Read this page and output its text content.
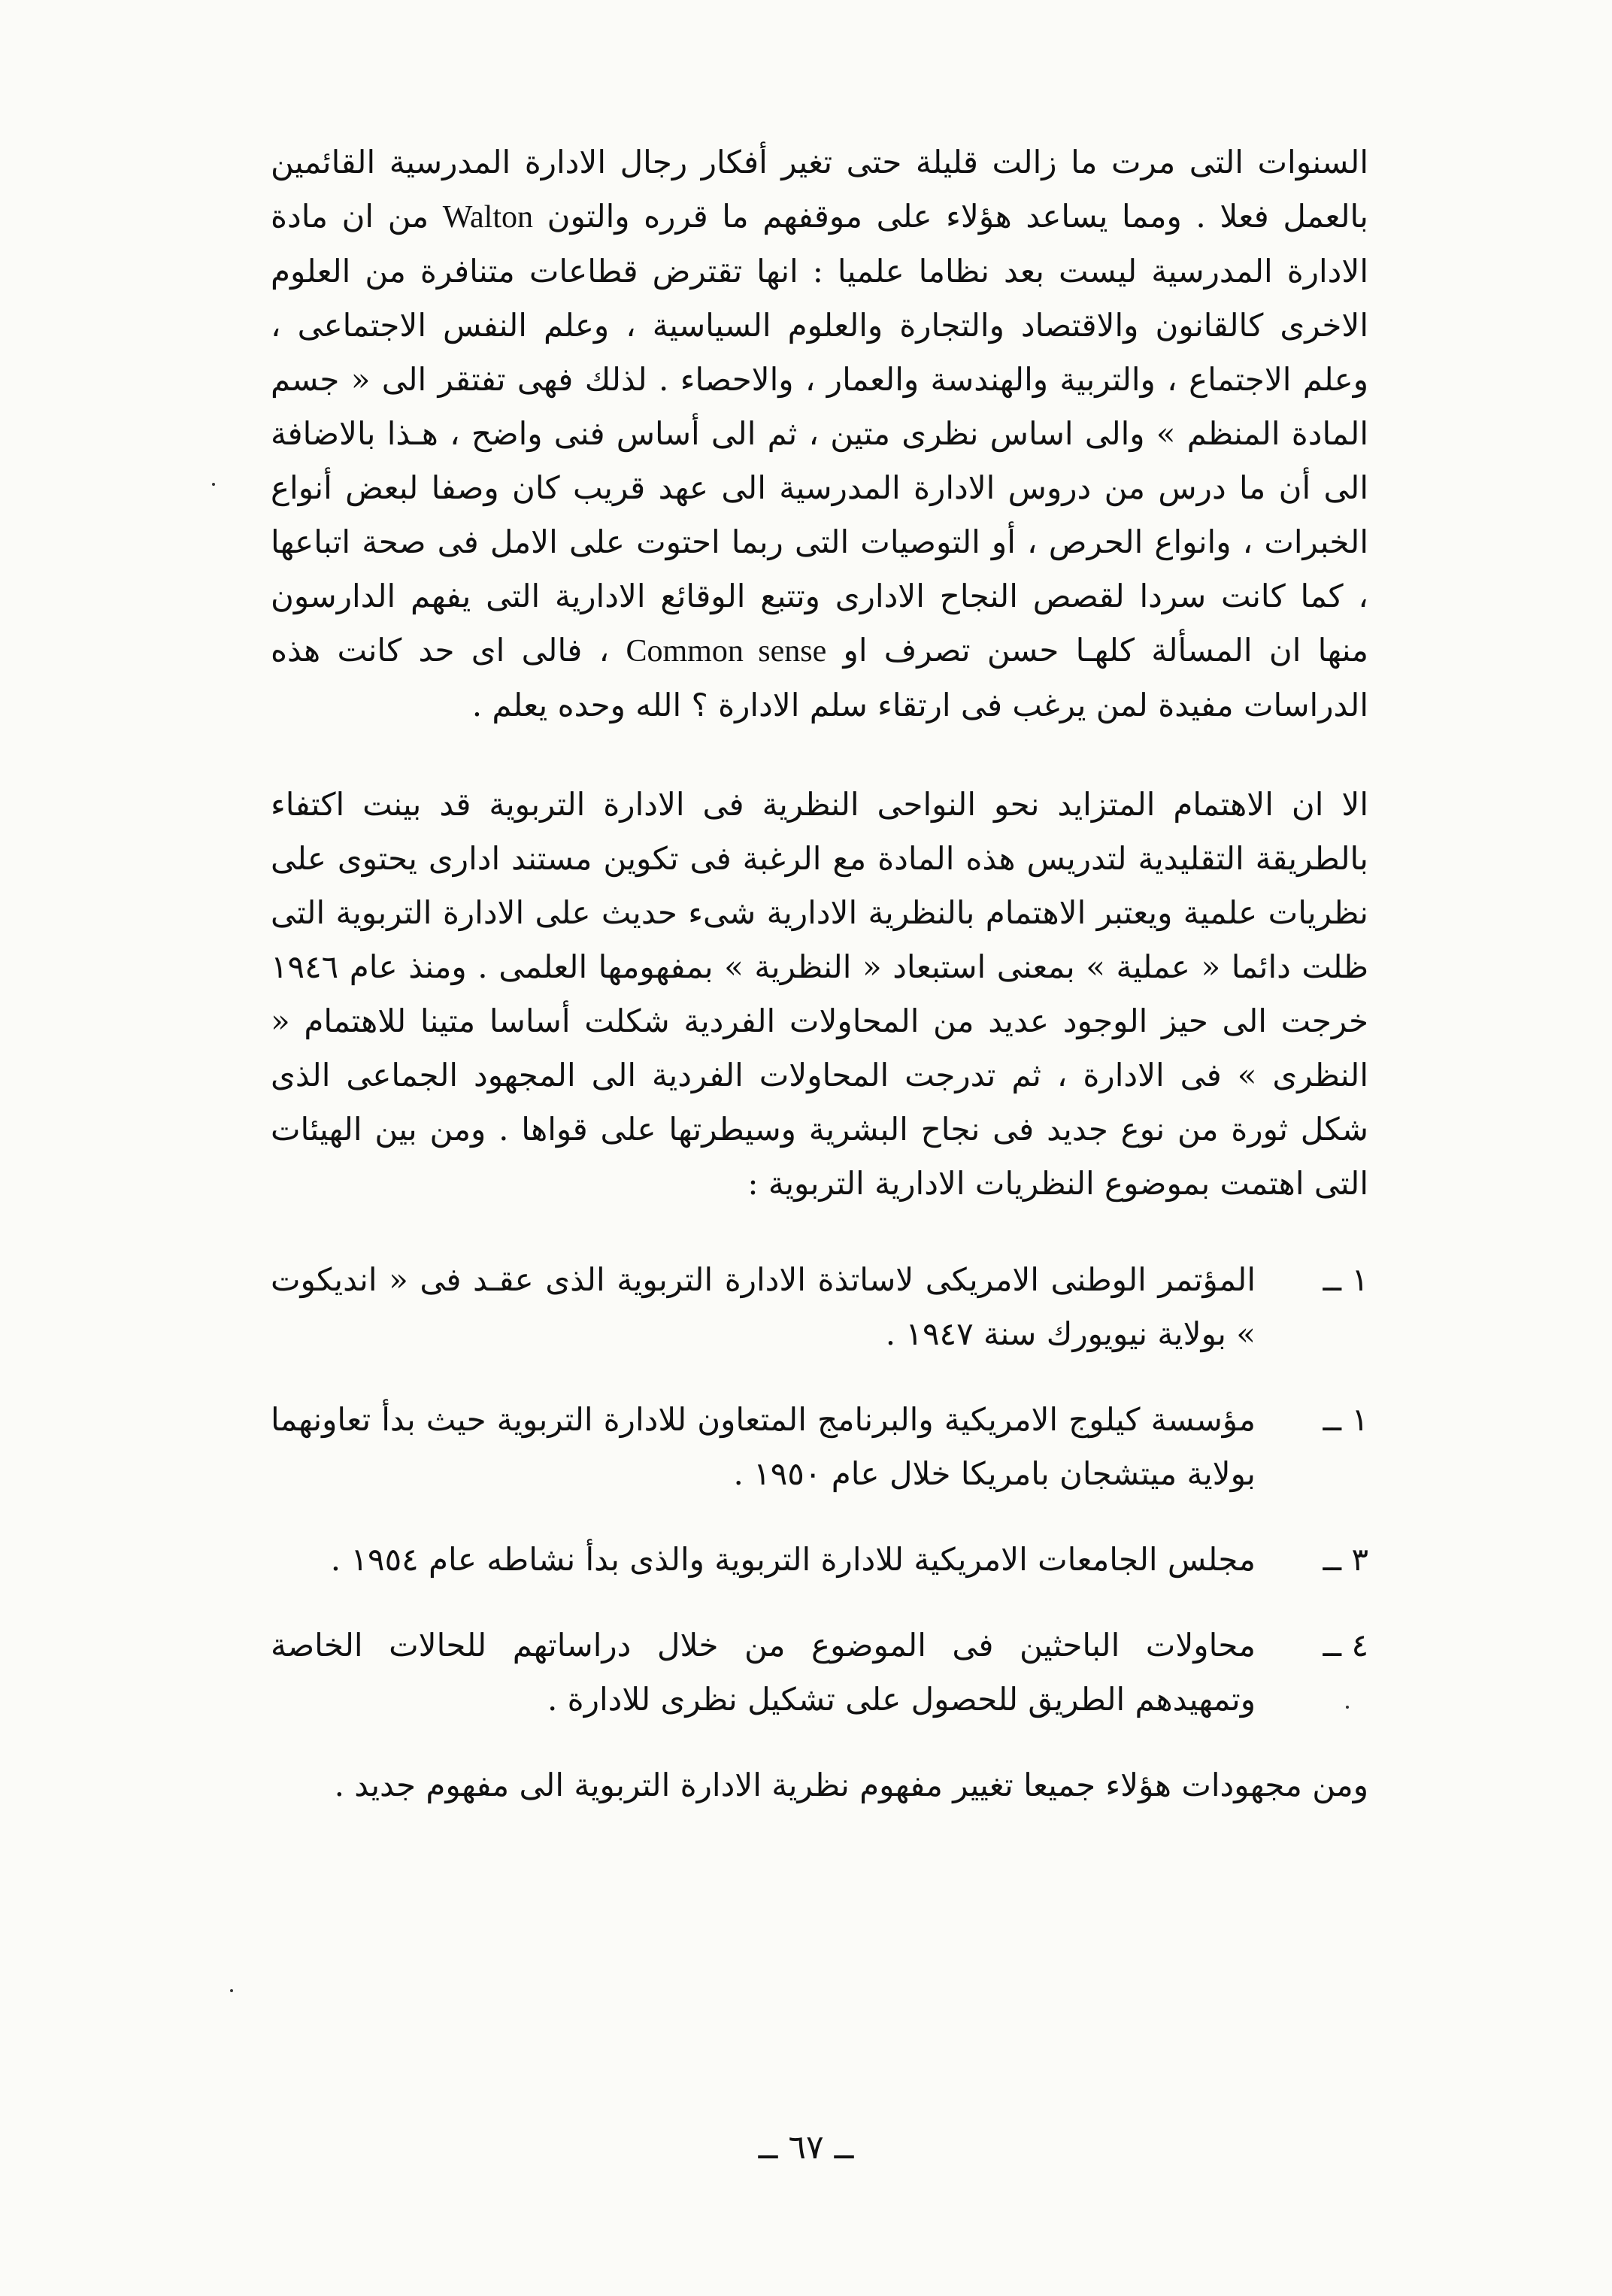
السنوات التى مرت ما زالت قليلة حتى تغير أفكار رجال الادارة المدرسية القائمين بالعمل فعلا . ومما يساعد هؤلاء على موقفهم ما قرره والتون Walton من ان مادة الادارة المدرسية ليست بعد نظاما علميا : انها تقترض قطاعات متنافرة من العلوم الاخرى كالقانون والاقتصاد والتجارة والعلوم السياسية ، وعلم النفس الاجتماعى ، وعلم الاجتماع ، والتربية والهندسة والعمار ، والاحصاء . لذلك فهى تفتقر الى « جسم المادة المنظم » والى اساس نظرى متين ، ثم الى أساس فنى واضح ، هـذا بالاضافة الى أن ما درس من دروس الادارة المدرسية الى عهد قريب كان وصفا لبعض أنواع الخبرات ، وانواع الحرص ، أو التوصيات التى ربما احتوت على الامل فى صحة اتباعها ، كما كانت سردا لقصص النجاح الادارى وتتبع الوقائع الادارية التى يفهم الدارسون منها ان المسألة كلهـا حسن تصرف او Common sense ، فالى اى حد كانت هذه الدراسات مفيدة لمن يرغب فى ارتقاء سلم الادارة ؟ الله وحده يعلم .

الا ان الاهتمام المتزايد نحو النواحى النظرية فى الادارة التربوية قد بينت اكتفاء بالطريقة التقليدية لتدريس هذه المادة مع الرغبة فى تكوين مستند ادارى يحتوى على نظريات علمية ويعتبر الاهتمام بالنظرية الادارية شىء حديث على الادارة التربوية التى ظلت دائما « عملية » بمعنى استبعاد « النظرية » بمفهومها العلمى . ومنذ عام ١٩٤٦ خرجت الى حيز الوجود عديد من المحاولات الفردية شكلت أساسا متينا للاهتمام « النظرى » فى الادارة ، ثم تدرجت المحاولات الفردية الى المجهود الجماعى الذى شكل ثورة من نوع جديد فى نجاح البشرية وسيطرتها على قواها . ومن بين الهيئات التى اهتمت بموضوع النظريات الادارية التربوية :

١ ــ
المؤتمر الوطنى الامريكى لاساتذة الادارة التربوية الذى عقـد فى « انديكوت » بولاية نيويورك سنة ١٩٤٧ .
١ ــ
مؤسسة كيلوج الامريكية والبرنامج المتعاون للادارة التربوية حيث بدأ تعاونهما بولاية ميتشجان بامريكا خلال عام ١٩٥٠ .
٣ ــ
مجلس الجامعات الامريكية للادارة التربوية والذى بدأ نشاطه عام ١٩٥٤ .
٤ ــ
محاولات الباحثين فى الموضوع من خلال دراساتهم للحالات الخاصة وتمهيدهم الطريق للحصول على تشكيل نظرى للادارة .

ومن مجهودات هؤلاء جميعا تغيير مفهوم نظرية الادارة التربوية الى مفهوم جديد .

ــ ٦٧ ــ
